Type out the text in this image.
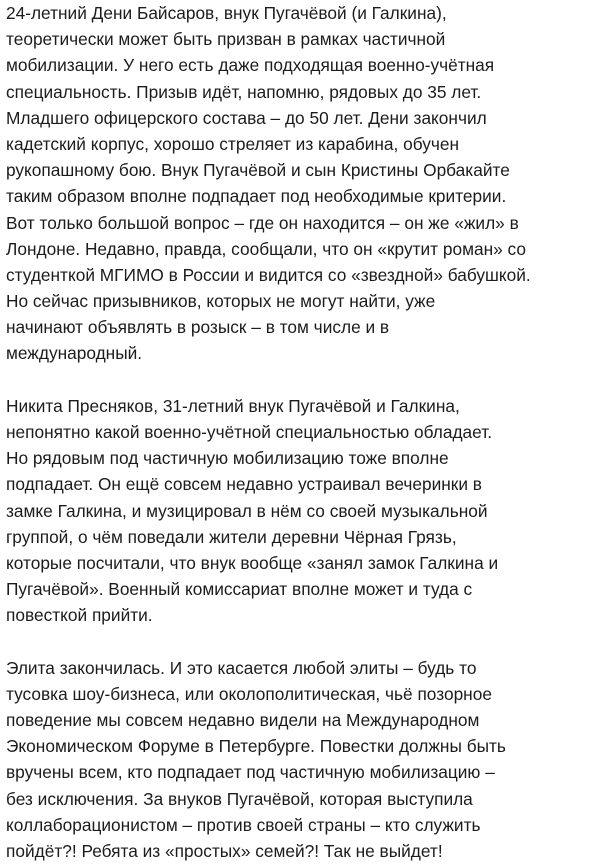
24-летний Дени Байсаров, внук Пугачёвой (и Галкина),
теоретически может быть призван в рамках частичной
мобилизации. У него есть даже подходящая военно-учётная
специальность. Призыв идёт, напомню, рядовых до 35 лет.
Младшего офицерского состава – до 50 лет. Дени закончил
кадетский корпус, хорошо стреляет из карабина, обучен
рукопашному бою. Внук Пугачёвой и сын Кристины Орбакайте
таким образом вполне подпадает под необходимые критерии.
Вот только большой вопрос – где он находится – он же «жил» в
Лондоне. Недавно, правда, сообщали, что он «крутит роман» со
студенткой МГИМО в России и видится со «звездной» бабушкой.
Но сейчас призывников, которых не могут найти, уже
начинают объявлять в розыск – в том числе и в
международный.
Никита Пресняков, 31-летний внук Пугачёвой и Галкина,
непонятно какой военно-учётной специальностью обладает.
Но рядовым под частичную мобилизацию тоже вполне
подпадает. Он ещё совсем недавно устраивал вечеринки в
замке Галкина, и музицировал в нём со своей музыкальной
группой, о чём поведали жители деревни Чёрная Грязь,
которые посчитали, что внук вообще «занял замок Галкина и
Пугачёвой». Военный комиссариат вполне может и туда с
повесткой прийти.
Элита закончилась. И это касается любой элиты – будь то
тусовка шоу-бизнеса, или околополитическая, чьё позорное
поведение мы совсем недавно видели на Международном
Экономическом Форуме в Петербурге. Повестки должны быть
вручены всем, кто подпадает под частичную мобилизацию –
без исключения. За внуков Пугачёвой, которая выступила
коллаборационистом – против своей страны – кто служить
пойдёт?! Ребята из «простых» семей?! Так не выйдет!
